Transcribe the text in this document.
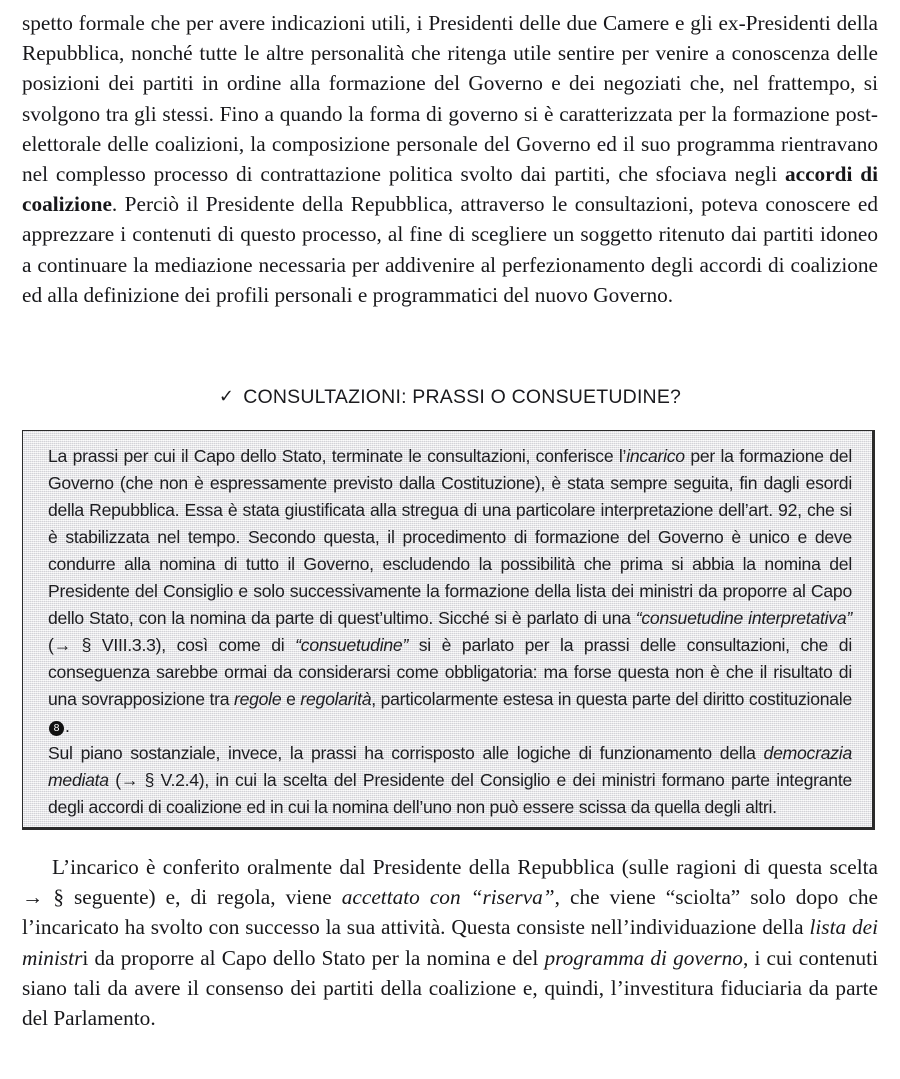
spetto formale che per avere indicazioni utili, i Presidenti delle due Camere e gli ex-Presidenti della Repubblica, nonché tutte le altre personalità che ritenga utile sentire per venire a conoscenza delle posizioni dei partiti in ordine alla formazione del Governo e dei negoziati che, nel frattempo, si svolgono tra gli stessi. Fino a quando la forma di governo si è caratterizzata per la formazione post-elettorale delle coalizioni, la composizione personale del Governo ed il suo programma rientravano nel complesso processo di contrattazione politica svolto dai partiti, che sfociava negli accordi di coalizione. Perciò il Presidente della Repubblica, attraverso le consultazioni, poteva conoscere ed apprezzare i contenuti di questo processo, al fine di scegliere un soggetto ritenuto dai partiti idoneo a continuare la mediazione necessaria per addivenire al perfezionamento degli accordi di coalizione ed alla definizione dei profili personali e programmatici del nuovo Governo.
✓ CONSULTAZIONI: PRASSI O CONSUETUDINE?

La prassi per cui il Capo dello Stato, terminate le consultazioni, conferisce l’incarico per la formazione del Governo (che non è espressamente previsto dalla Costituzione), è stata sempre seguita, fin dagli esordi della Repubblica. Essa è stata giustificata alla stregua di una particolare interpretazione dell’art. 92, che si è stabilizzata nel tempo. Secondo questa, il procedimento di formazione del Governo è unico e deve condurre alla nomina di tutto il Governo, escludendo la possibilità che prima si abbia la nomina del Presidente del Consiglio e solo successivamente la formazione della lista dei ministri da proporre al Capo dello Stato, con la nomina da parte di quest’ultimo. Sicché si è parlato di una “consuetudine interpretativa” (→ § VIII.3.3), così come di “consuetudine” si è parlato per la prassi delle consultazioni, che di conseguenza sarebbe ormai da considerarsi come obbligatoria: ma forse questa non è che il risultato di una sovrapposizione tra regole e regolarità, particolarmente estesa in questa parte del diritto costituzionale 8 .

Sul piano sostanziale, invece, la prassi ha corrisposto alle logiche di funzionamento della democrazia mediata (→ § V.2.4), in cui la scelta del Presidente del Consiglio e dei ministri formano parte integrante degli accordi di coalizione ed in cui la nomina dell’uno non può essere scissa da quella degli altri.

L’incarico è conferito oralmente dal Presidente della Repubblica (sulle ragioni di questa scelta → § seguente) e, di regola, viene accettato con “riserva”, che viene “sciolta” solo dopo che l’incaricato ha svolto con successo la sua attività. Questa consiste nell’individuazione della lista dei ministri da proporre al Capo dello Stato per la nomina e del programma di governo, i cui contenuti siano tali da avere il consenso dei partiti della coalizione e, quindi, l’investitura fiduciaria da parte del Parlamento.
